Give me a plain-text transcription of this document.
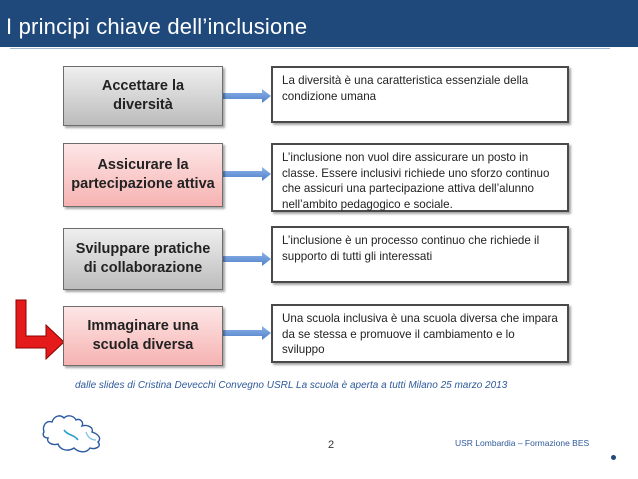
I principi chiave dell’inclusione
Accettare la
diversità
La diversità è una caratteristica essenziale della condizione umana
Assicurare la
partecipazione attiva
L’inclusione non vuol dire assicurare un posto in classe. Essere inclusivi richiede uno sforzo continuo che assicuri una partecipazione attiva dell’alunno nell’ambito pedagogico e sociale.
Sviluppare pratiche
di collaborazione
L’inclusione è un processo continuo che richiede il supporto di tutti gli interessati
Immaginare una
scuola diversa
Una scuola inclusiva è una scuola diversa che impara da se stessa e promuove il cambiamento e lo sviluppo
dalle slides di Cristina Devecchi Convegno USRL La scuola è aperta a tutti Milano 25 marzo 2013
2	USR Lombardia – Formazione BES
